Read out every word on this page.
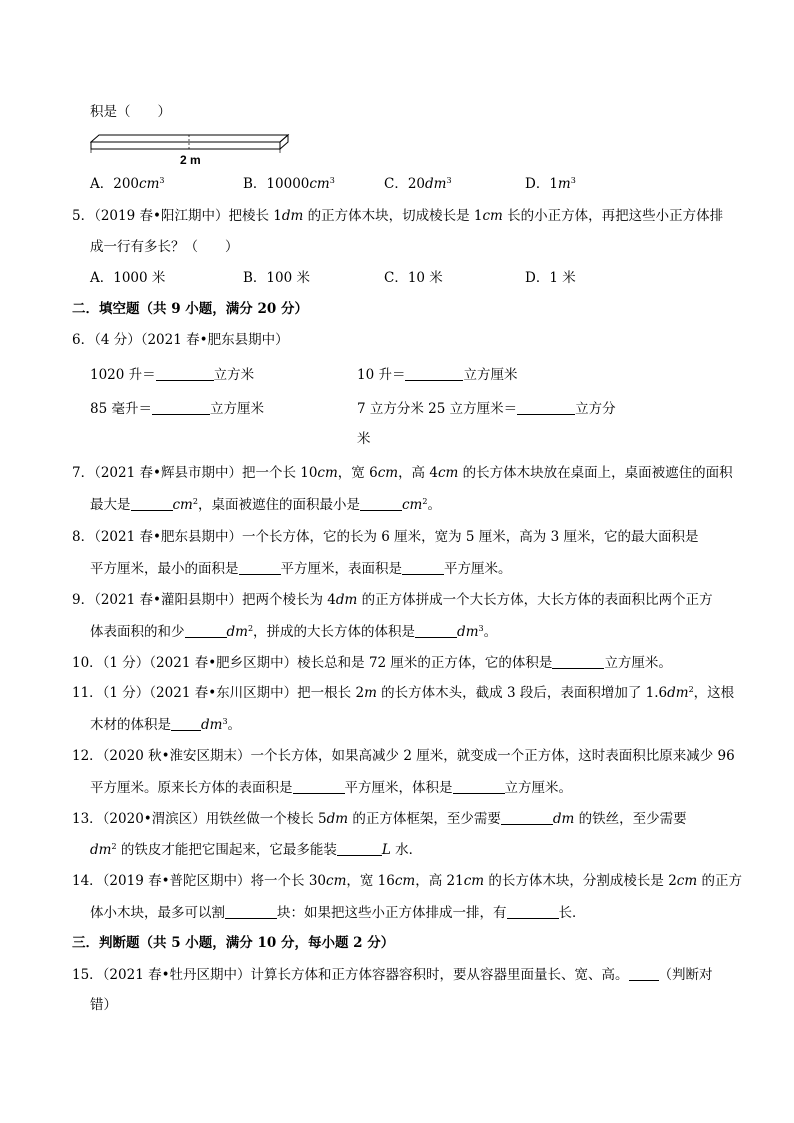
积是（　　）
2 m
A．$200cm^3$	B．$10000cm^3$	C．$20dm^3$	D．$1m^3$
5．（2019 春•阳江期中）把棱长 1dm 的正方体木块，切成棱长是 1cm 长的小正方体，再把这些小正方体排
成一行有多长？（　　）
A．1000 米	B．100 米	C．10 米	D．1 米
二．填空题（共 9 小题，满分 20 分）
6．（4 分）（2021 春•肥东县期中）
1020 升＝	立方米	10 升＝	立方厘米
85 毫升＝	立方厘米	7 立方分米 25 立方厘米＝	立方分
米
7．（2021 春•辉县市期中）把一个长 10cm，宽 6cm，高 4cm 的长方体木块放在桌面上，桌面被遮住的面积
最大是	$cm^2$，桌面被遮住的面积最小是	$cm^2$。
8．（2021 春•肥东县期中）一个长方体，它的长为 6 厘米，宽为 5 厘米，高为 3 厘米，它的最大面积是
平方厘米，最小的面积是	平方厘米，表面积是	平方厘米。
9．（2021 春•灌阳县期中）把两个棱长为 4dm 的正方体拼成一个大长方体，大长方体的表面积比两个正方
体表面积的和少	$dm^2$，拼成的大长方体的体积是	$dm^3$。
10．（1 分）（2021 春•肥乡区期中）棱长总和是 72 厘米的正方体，它的体积是	立方厘米。
11．（1 分）（2021 春•东川区期中）把一根长 2m 的长方体木头，截成 3 段后，表面积增加了 $1.6dm^2$，这根
木材的体积是 $dm^3$。
12．（2020 秋•淮安区期末）一个长方体，如果高减少 2 厘米，就变成一个正方体，这时表面积比原来减少 96
平方厘米。原来长方体的表面积是	平方厘米，体积是	立方厘米。
13．（2020•渭滨区）用铁丝做一个棱长 5dm 的正方体框架，至少需要	dm 的铁丝，至少需要
$dm^2$ 的铁皮才能把它围起来，它最多能装	L 水．
14．（2019 春•普陀区期中）将一个长 30cm，宽 16cm，高 21cm 的长方体木块，分割成棱长是 2cm 的正方
体小木块，最多可以割	块：如果把这些小正方体排成一排，有	长．
三．判断题（共 5 小题，满分 10 分，每小题 2 分）
15．（2021 春•牡丹区期中）计算长方体和正方体容器容积时，要从容器里面量长、宽、高。 （判断对
错）
